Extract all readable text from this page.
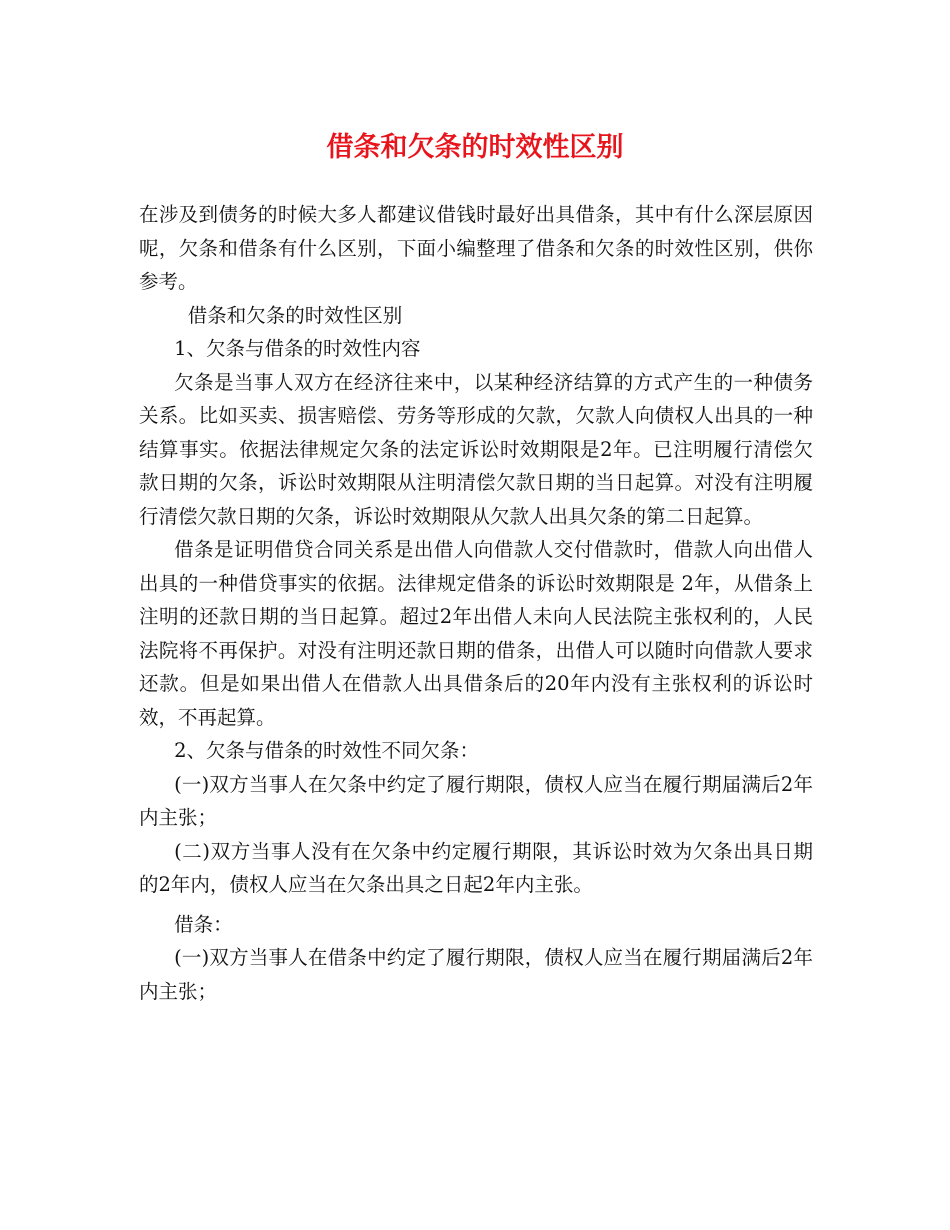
借条和欠条的时效性区别

在涉及到债务的时候大多人都建议借钱时最好出具借条，其中有什么深层原因呢，欠条和借条有什么区别，下面小编整理了借条和欠条的时效性区别，供你参考。

借条和欠条的时效性区别

1、欠条与借条的时效性内容

欠条是当事人双方在经济往来中，以某种经济结算的方式产生的一种债务关系。比如买卖、损害赔偿、劳务等形成的欠款，欠款人向债权人出具的一种结算事实。依据法律规定欠条的法定诉讼时效期限是2年。已注明履行清偿欠款日期的欠条，诉讼时效期限从注明清偿欠款日期的当日起算。对没有注明履行清偿欠款日期的欠条，诉讼时效期限从欠款人出具欠条的第二日起算。

借条是证明借贷合同关系是出借人向借款人交付借款时，借款人向出借人出具的一种借贷事实的依据。法律规定借条的诉讼时效期限是 2年，从借条上注明的还款日期的当日起算。超过2年出借人未向人民法院主张权利的，人民法院将不再保护。对没有注明还款日期的借条，出借人可以随时向借款人要求还款。但是如果出借人在借款人出具借条后的20年内没有主张权利的诉讼时效，不再起算。

2、欠条与借条的时效性不同欠条：

(一)双方当事人在欠条中约定了履行期限，债权人应当在履行期届满后2年内主张；

(二)双方当事人没有在欠条中约定履行期限，其诉讼时效为欠条出具日期的2年内，债权人应当在欠条出具之日起2年内主张。

借条：

(一)双方当事人在借条中约定了履行期限，债权人应当在履行期届满后2年内主张；
